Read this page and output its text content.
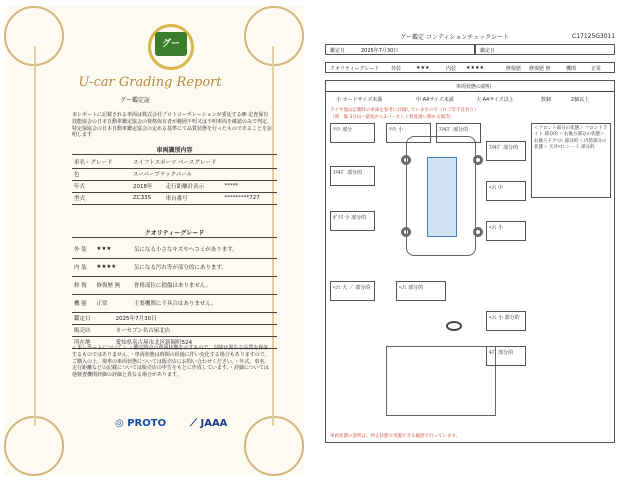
グー
U-car Grading Report
グー鑑定証
本レポートに記載される車両は株式会社プロトコーポレーションが委託する㈱ 定査保有技能協会の日本自動車鑑定協会の資格保有者が範囲不明又は不明車両を確認のみで判定、特定保協会の日本自動車鑑定協会の定める基準にて品質状態を行ったものであることを証明します
車両識別内容
車名・グレード	スイフトスポーツ ベースグレード		
色	スーパーブラックパール		
年式	2018年	走行距離計表示	*****
型式	ZC33S	車台番号	*********727
クオリティーグレード
外 装	★★★	気になる小さなキズやヘコミがあります。
内 装	★★★★	気になる汚れ等が部分的にあります。
修 復	修復歴 無	骨格部位に損傷はありません。
機 能	正常	主要機関に不具合はありません。
鑑定日	2025年7月30日
販売店	カーセブン名古屋北店
所在地	愛知県名古屋市北区新堀町524
＜本レポートについて＞ ・鑑定時点の車両状態を示すもので、以降は異なる品質を保証するものではありません。・車両状態は時間の経過に伴い変化する場合もありますので、ご購入の上、現車の車両状態については販売店にお問い合わせください。・年式、車名、走行距離などの記載については販売店の申告をもとに作成しています。・詳細については他検査機関評価の評価と異なる場合があります。
◎ PROTO ⟋ JAAA
グー鑑定 コンディションチェックシート	C17125G3011
鑑定日	2025年7月30日	鑑定日
クオリティーグレード 外装	★★★	内装 ★★★★	修復歴 修復歴 無	機関	正常
車両状態の説明
小 カードサイズ未満	中 A4サイズ未満	大 A4サイズ以上	数個	2個以上
ライヤ他は記載時の車両を参考に評価していますので（ロゴ等不良有り）
［例：傷 3分山～最短から3パーセント程度薄い擦れる傷等］
ﾗｲﾄ 部分	ﾗｲﾄ 小	ｽﾘｷｽﾞ 部分的
ｽﾘｷｽﾞ 部分的
ｽﾘｷｽﾞ 部分的
ｶﾞﾗｽ 小 部分的
ﾍｺﾐ 中
ﾍｺﾐ 小
ﾍｺﾐ 大 ／ 部分的	ﾍｺﾐ 部分的
ﾍｺﾐ 小 部分的
ｷｽﾞ 部分的
＜フロント部分の状態＞ フロントライト 部分的 ＜右後方部分の状態＞ 右後ろドアﾍｺﾐ 部分的 ＜内装部分の状態＞ 天井ﾍｺﾐ シート 部分的
車両状態の説明は、停止状態で実施できる範囲で行っています。
